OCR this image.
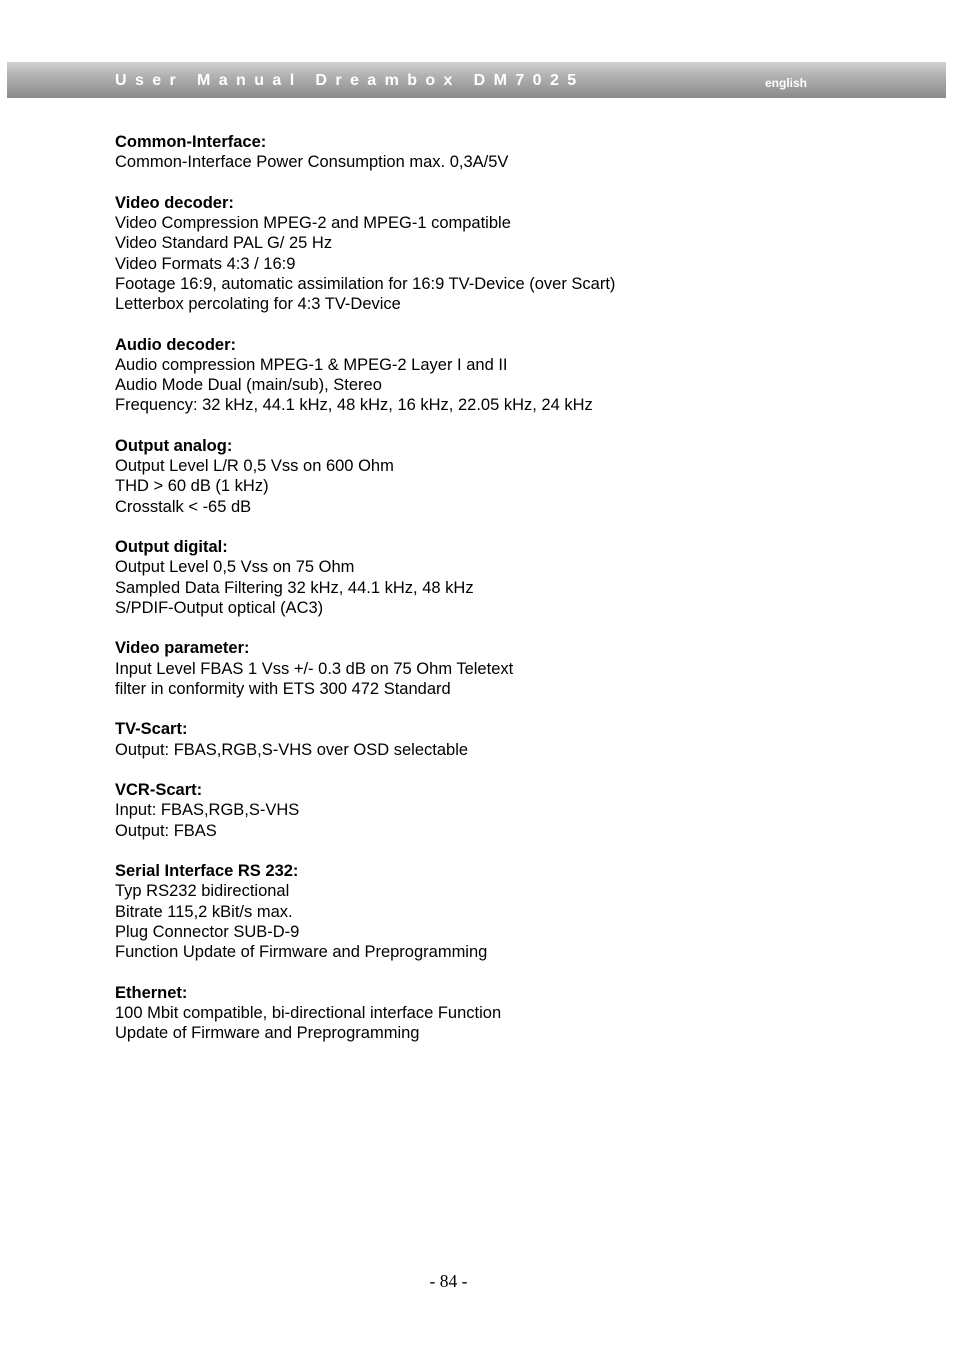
User Manual Dreambox DM7025	english
Common-Interface:
Common-Interface Power Consumption max. 0,3A/5V
Video decoder:
Video Compression MPEG-2 and MPEG-1 compatible
Video Standard PAL G/ 25 Hz
Video Formats 4:3 / 16:9
Footage 16:9, automatic assimilation for 16:9 TV-Device (over Scart)
Letterbox percolating for 4:3 TV-Device
Audio decoder:
Audio compression MPEG-1 & MPEG-2 Layer I and II
Audio Mode Dual (main/sub), Stereo
Frequency: 32 kHz, 44.1 kHz, 48 kHz, 16 kHz, 22.05 kHz, 24 kHz
Output analog:
Output Level L/R 0,5 Vss on 600 Ohm
THD > 60 dB (1 kHz)
Crosstalk < -65 dB
Output digital:
Output Level 0,5 Vss on 75 Ohm
Sampled Data Filtering 32 kHz, 44.1 kHz, 48 kHz
S/PDIF-Output optical (AC3)
Video parameter:
Input Level FBAS 1 Vss +/- 0.3 dB on 75 Ohm Teletext
filter in conformity with ETS 300 472 Standard
TV-Scart:
Output: FBAS,RGB,S-VHS over OSD selectable
VCR-Scart:
Input: FBAS,RGB,S-VHS
Output: FBAS
Serial Interface RS 232:
Typ RS232 bidirectional
Bitrate 115,2 kBit/s max.
Plug Connector SUB-D-9
Function Update of Firmware and Preprogramming
Ethernet:
100 Mbit compatible, bi-directional interface Function
Update of Firmware and Preprogramming
- 84 -
